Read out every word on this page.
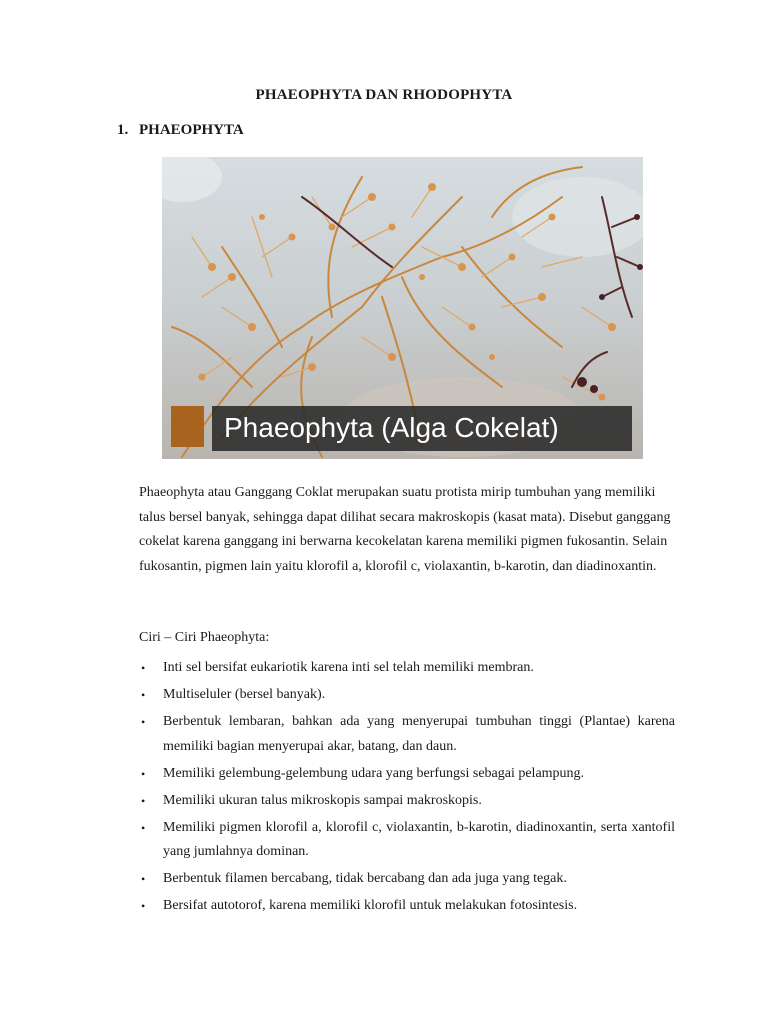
PHAEOPHYTA DAN RHODOPHYTA
1. PHAEOPHYTA
Phaeophyta (Alga Cokelat)

Phaeophyta atau Ganggang Coklat merupakan suatu protista mirip tumbuhan yang memiliki talus bersel banyak, sehingga dapat dilihat secara makroskopis (kasat mata). Disebut ganggang cokelat karena ganggang ini berwarna kecokelatan karena memiliki pigmen fukosantin. Selain fukosantin, pigmen lain yaitu klorofil a, klorofil c, violaxantin, b-karotin, dan diadinoxantin.

Ciri – Ciri Phaeophyta:
• Inti sel bersifat eukariotik karena inti sel telah memiliki membran.
• Multiseluler (bersel banyak).
• Berbentuk lembaran, bahkan ada yang menyerupai tumbuhan tinggi (Plantae) karena memiliki bagian menyerupai akar, batang, dan daun.
• Memiliki gelembung-gelembung udara yang berfungsi sebagai pelampung.
• Memiliki ukuran talus mikroskopis sampai makroskopis.
• Memiliki pigmen klorofil a, klorofil c, violaxantin, b-karotin, diadinoxantin, serta xantofil yang jumlahnya dominan.
• Berbentuk filamen bercabang, tidak bercabang dan ada juga yang tegak.
• Bersifat autotorof, karena memiliki klorofil untuk melakukan fotosintesis.
